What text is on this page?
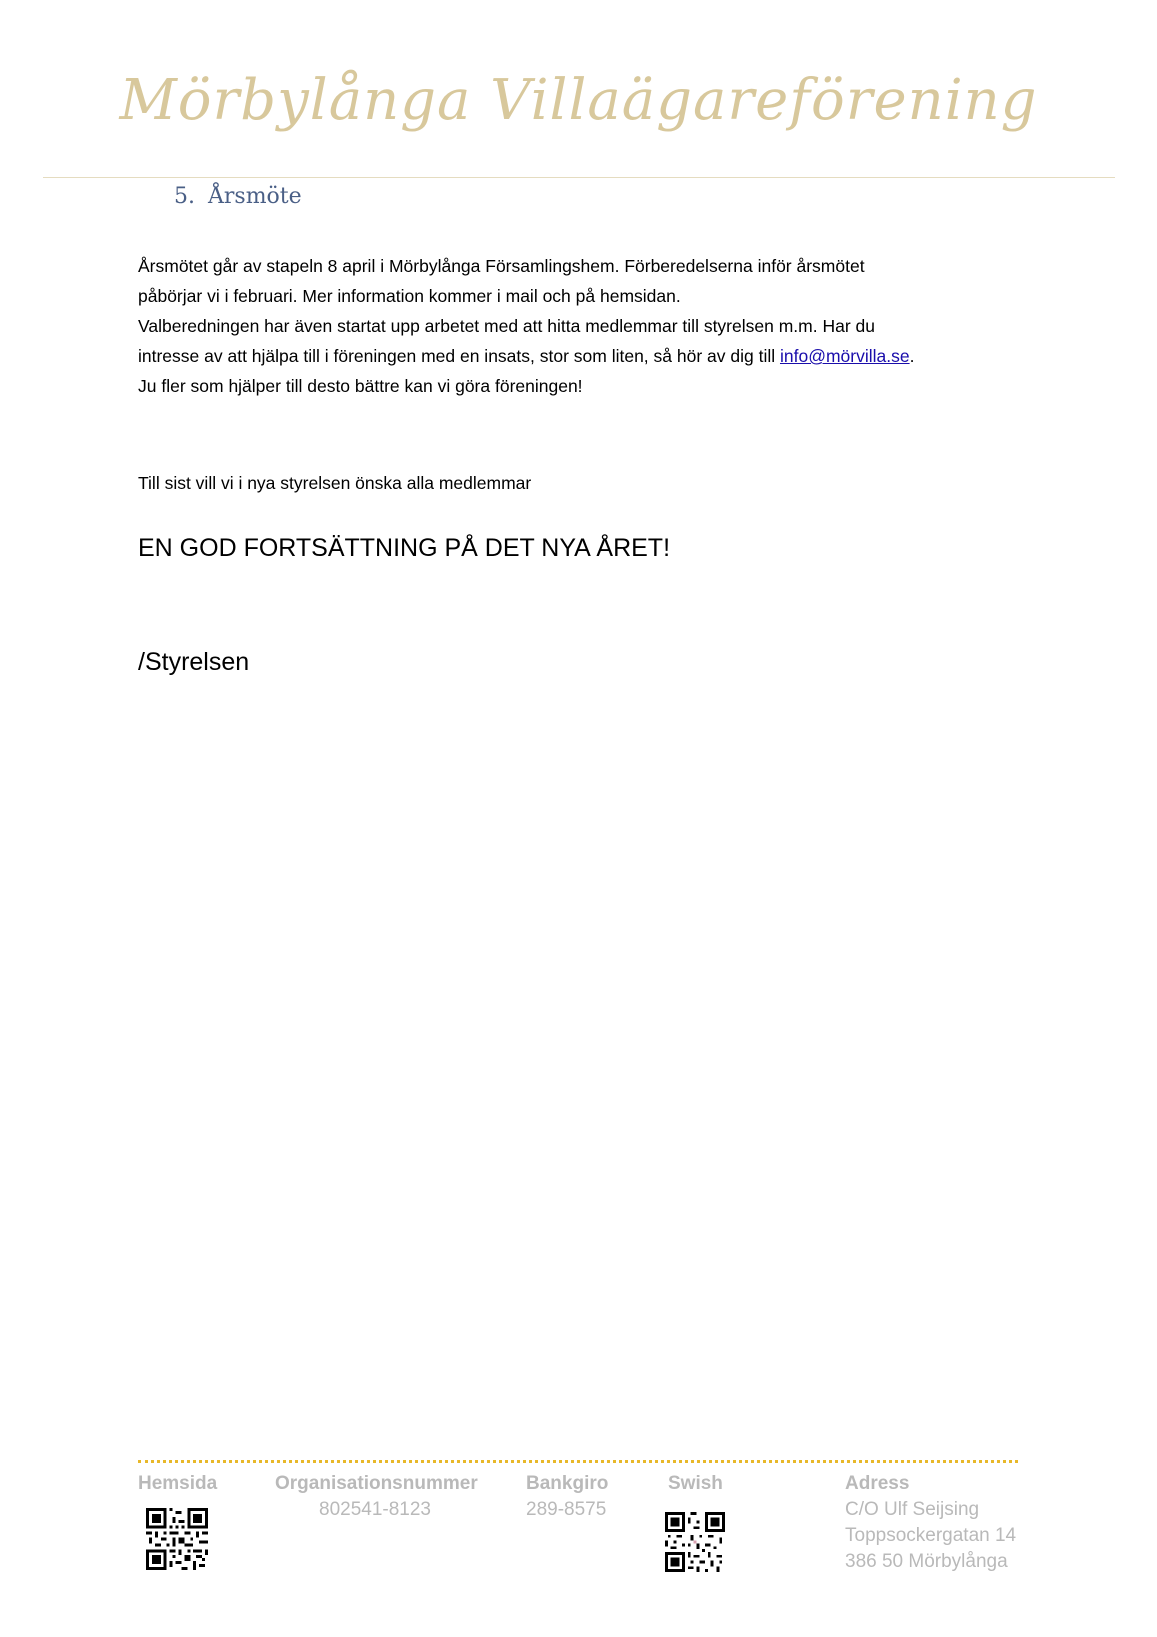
Mörbylånga Villaägareförening
5. Årsmöte

Årsmötet går av stapeln 8 april i Mörbylånga Församlingshem. Förberedelserna inför årsmötet

påbörjar vi i februari. Mer information kommer i mail och på hemsidan.

Valberedningen har även startat upp arbetet med att hitta medlemmar till styrelsen m.m. Har du

intresse av att hjälpa till i föreningen med en insats, stor som liten, så hör av dig till info@mörvilla.se.

Ju fler som hjälper till desto bättre kan vi göra föreningen!

Till sist vill vi i nya styrelsen önska alla medlemmar
EN GOD FORTSÄTTNING PÅ DET NYA ÅRET!
/Styrelsen
Hemsida	Organisationsnummer
802541-8123
Bankgiro
289-8575
Swish	Adress
C/O Ulf Seijsing
Toppsockergatan 14
386 50 Mörbylånga
